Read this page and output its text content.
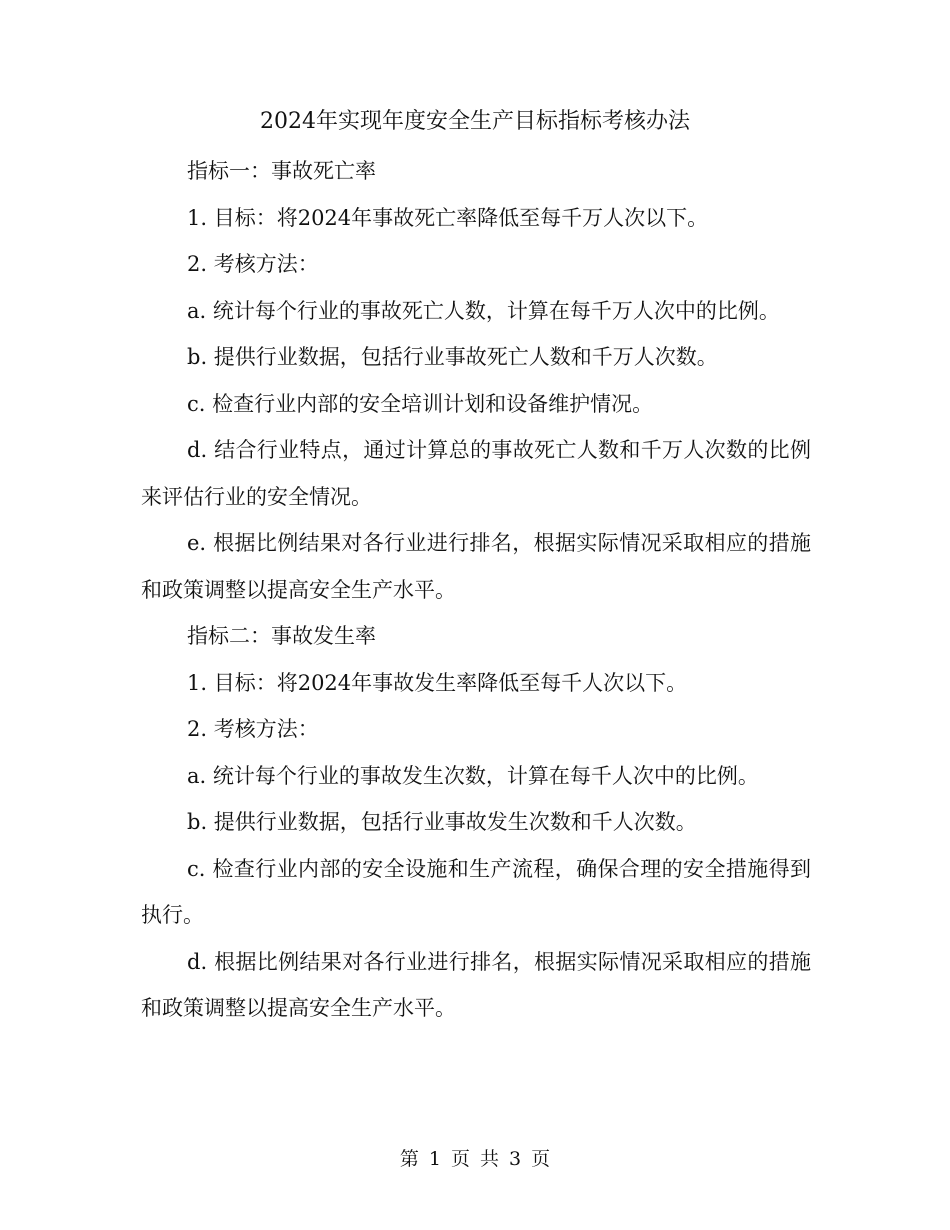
2024年实现年度安全生产目标指标考核办法

指标一：事故死亡率

1. 目标：将2024年事故死亡率降低至每千万人次以下。

2. 考核方法：

a. 统计每个行业的事故死亡人数，计算在每千万人次中的比例。

b. 提供行业数据，包括行业事故死亡人数和千万人次数。

c. 检查行业内部的安全培训计划和设备维护情况。

d. 结合行业特点，通过计算总的事故死亡人数和千万人次数的比例来评估行业的安全情况。

e. 根据比例结果对各行业进行排名，根据实际情况采取相应的措施和政策调整以提高安全生产水平。

指标二：事故发生率

1. 目标：将2024年事故发生率降低至每千人次以下。

2. 考核方法：

a. 统计每个行业的事故发生次数，计算在每千人次中的比例。

b. 提供行业数据，包括行业事故发生次数和千人次数。

c. 检查行业内部的安全设施和生产流程，确保合理的安全措施得到执行。

d. 根据比例结果对各行业进行排名，根据实际情况采取相应的措施和政策调整以提高安全生产水平。

第 1 页 共 3 页
